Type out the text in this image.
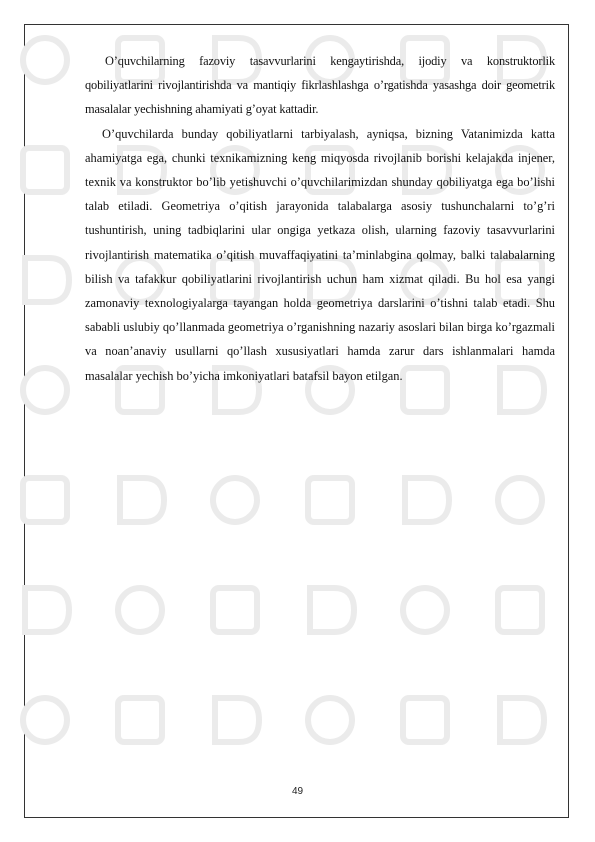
O’quvchilarning fazoviy tasavvurlarini kengaytirishda, ijodiy va konstruktorlik qobiliyatlarini rivojlantirishda va mantiqiy fikrlashlashga o’rgatishda yasashga doir geometrik masalalar yechishning ahamiyati g’oyat kattadir.

O’quvchilarda bunday qobiliyatlarni tarbiyalash, ayniqsa, bizning Vatanimizda katta ahamiyatga ega, chunki texnikamizning keng miqyosda rivojlanib borishi kelajakda injener, texnik va konstruktor bo’lib yetishuvchi o’quvchilarimizdan shunday qobiliyatga ega bo’lishi talab etiladi. Geometriya o’qitish jarayonida talabalarga asosiy tushunchalarni to’g’ri tushuntirish, uning tadbiqlarini ular ongiga yetkaza olish, ularning fazoviy tasavvurlarini rivojlantirish matematika o’qitish muvaffaqiyatini ta’minlabgina qolmay, balki talabalarning bilish va tafakkur qobiliyatlarini rivojlantirish uchun ham xizmat qiladi. Bu hol esa yangi zamonaviy texnologiyalarga tayangan holda geometriya darslarini o’tishni talab etadi. Shu sababli uslubiy qo’llanmada geometriya o’rganishning nazariy asoslari bilan birga ko’rgazmali va noan’anaviy usullarni qo’llash xususiyatlari hamda zarur dars ishlanmalari hamda masalalar yechish bo’yicha imkoniyatlari batafsil bayon etilgan.

49
